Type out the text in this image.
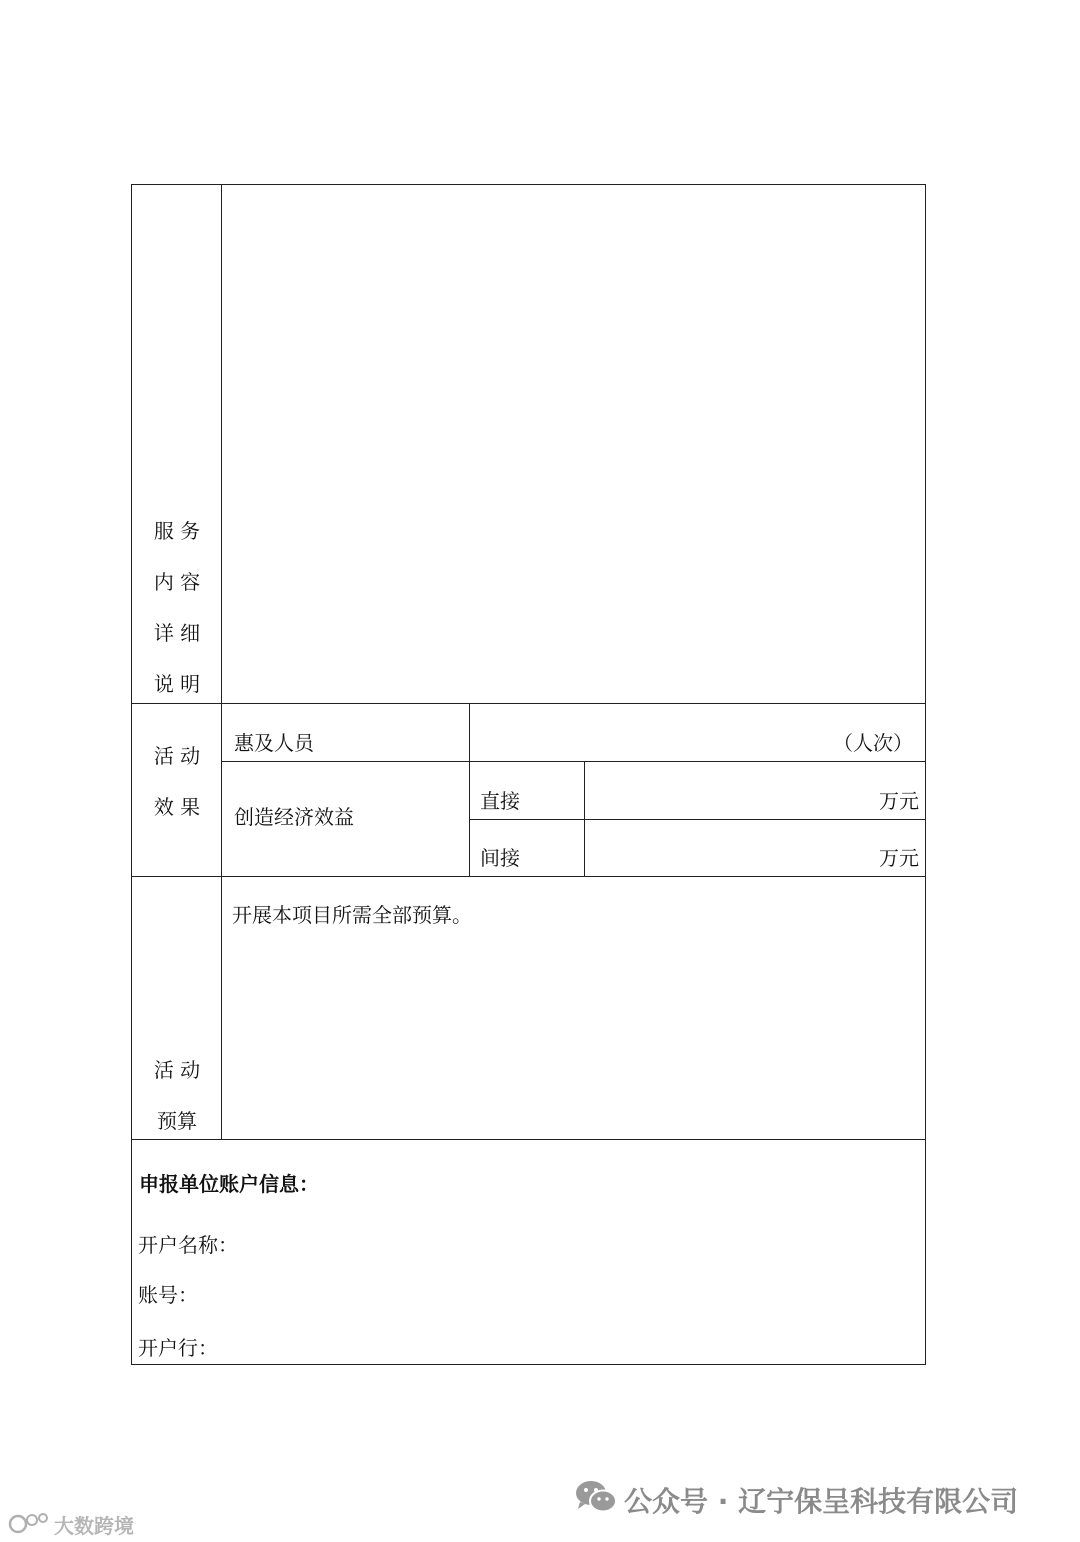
服 务
内 容
详 细
说 明
活 动
效 果
惠及人员	（人次）
创造经济效益
直接	万元
间接	万元
活 动
预算
开展本项目所需全部预算。
申报单位账户信息：
开户名称：
账号：
开户行：
大数跨境
公众号 · 辽宁保呈科技有限公司
